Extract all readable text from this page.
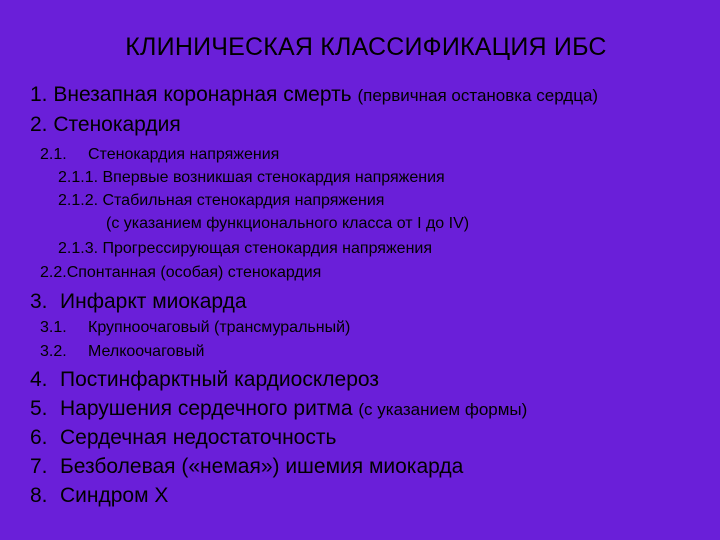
КЛИНИЧЕСКАЯ КЛАССИФИКАЦИЯ ИБС
1. Внезапная коронарная смерть (первичная остановка сердца)
2. Стенокардия
2.1. Стенокардия напряжения
2.1.1. Впервые возникшая стенокардия напряжения
2.1.2. Стабильная стенокардия напряжения
(с указанием функционального класса от I до IV)
2.1.3. Прогрессирующая стенокардия напряжения
2.2.Спонтанная (особая) стенокардия
3. Инфаркт миокарда
3.1. Крупноочаговый (трансмуральный)
3.2. Мелкоочаговый
4. Постинфарктный кардиосклероз
5. Нарушения сердечного ритма (с указанием формы)
6. Сердечная недостаточность
7. Безболевая («немая») ишемия миокарда
8. Синдром Х
